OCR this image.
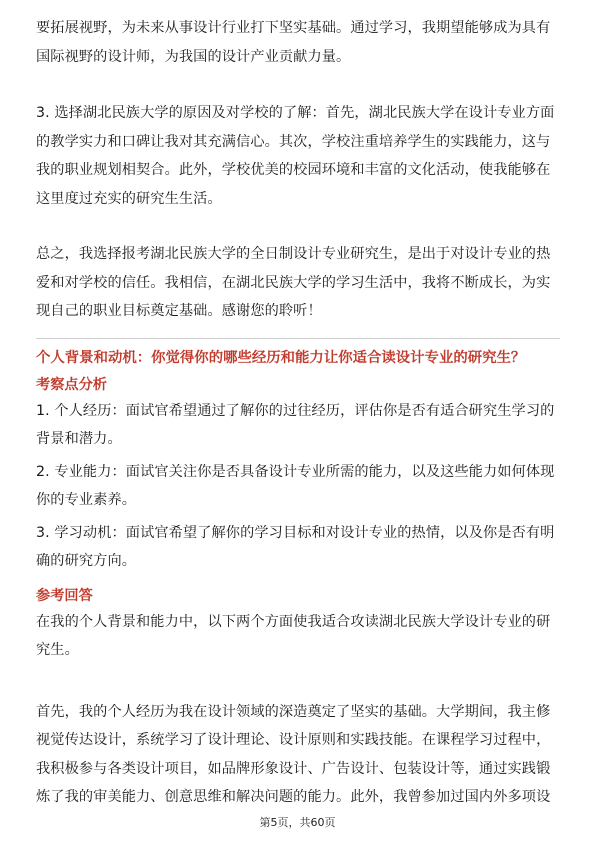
要拓展视野，为未来从事设计行业打下坚实基础。通过学习，我期望能够成为具有国际视野的设计师，为我国的设计产业贡献力量。

3. 选择湖北民族大学的原因及对学校的了解：首先，湖北民族大学在设计专业方面的教学实力和口碑让我对其充满信心。其次，学校注重培养学生的实践能力，这与我的职业规划相契合。此外，学校优美的校园环境和丰富的文化活动，使我能够在这里度过充实的研究生生活。

总之，我选择报考湖北民族大学的全日制设计专业研究生，是出于对设计专业的热爱和对学校的信任。我相信，在湖北民族大学的学习生活中，我将不断成长，为实现自己的职业目标奠定基础。感谢您的聆听！

个人背景和动机：你觉得你的哪些经历和能力让你适合读设计专业的研究生？
考察点分析

1. 个人经历：面试官希望通过了解你的过往经历，评估你是否有适合研究生学习的背景和潜力。

2. 专业能力：面试官关注你是否具备设计专业所需的能力，以及这些能力如何体现你的专业素养。

3. 学习动机：面试官希望了解你的学习目标和对设计专业的热情，以及你是否有明确的研究方向。

参考回答

在我的个人背景和能力中，以下两个方面使我适合攻读湖北民族大学设计专业的研究生。

首先，我的个人经历为我在设计领域的深造奠定了坚实的基础。大学期间，我主修视觉传达设计，系统学习了设计理论、设计原则和实践技能。在课程学习过程中，我积极参与各类设计项目，如品牌形象设计、广告设计、包装设计等，通过实践锻炼了我的审美能力、创意思维和解决问题的能力。此外，我曾参加过国内外多项设

第5页，共60页
